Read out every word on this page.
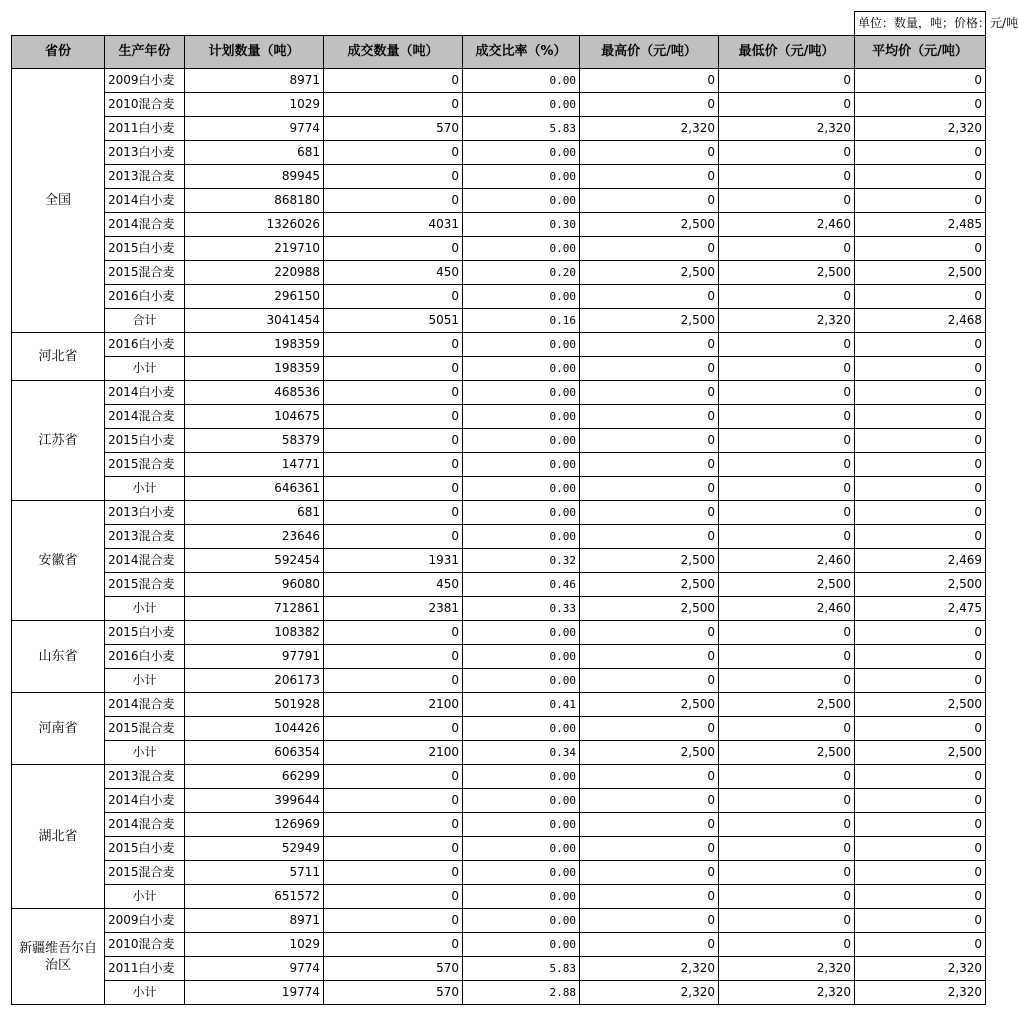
							单位：数量，吨；价格：元/吨
省份	生产年份	计划数量（吨）	成交数量（吨）	成交比率（%）	最高价（元/吨）	最低价（元/吨）	平均价（元/吨）
全国	2009白小麦	8971	0	0.00	0	0	0
	2010混合麦	1029	0	0.00	0	0	0
	2011白小麦	9774	570	5.83	2,320	2,320	2,320
	2013白小麦	681	0	0.00	0	0	0
	2013混合麦	89945	0	0.00	0	0	0
	2014白小麦	868180	0	0.00	0	0	0
	2014混合麦	1326026	4031	0.30	2,500	2,460	2,485
	2015白小麦	219710	0	0.00	0	0	0
	2015混合麦	220988	450	0.20	2,500	2,500	2,500
	2016白小麦	296150	0	0.00	0	0	0
	合计	3041454	5051	0.16	2,500	2,320	2,468
河北省	2016白小麦	198359	0	0.00	0	0	0
	小计	198359	0	0.00	0	0	0
江苏省	2014白小麦	468536	0	0.00	0	0	0
	2014混合麦	104675	0	0.00	0	0	0
	2015白小麦	58379	0	0.00	0	0	0
	2015混合麦	14771	0	0.00	0	0	0
	小计	646361	0	0.00	0	0	0
安徽省	2013白小麦	681	0	0.00	0	0	0
	2013混合麦	23646	0	0.00	0	0	0
	2014混合麦	592454	1931	0.32	2,500	2,460	2,469
	2015混合麦	96080	450	0.46	2,500	2,500	2,500
	小计	712861	2381	0.33	2,500	2,460	2,475
山东省	2015白小麦	108382	0	0.00	0	0	0
	2016白小麦	97791	0	0.00	0	0	0
	小计	206173	0	0.00	0	0	0
河南省	2014混合麦	501928	2100	0.41	2,500	2,500	2,500
	2015混合麦	104426	0	0.00	0	0	0
	小计	606354	2100	0.34	2,500	2,500	2,500
湖北省	2013混合麦	66299	0	0.00	0	0	0
	2014白小麦	399644	0	0.00	0	0	0
	2014混合麦	126969	0	0.00	0	0	0
	2015白小麦	52949	0	0.00	0	0	0
	2015混合麦	5711	0	0.00	0	0	0
	小计	651572	0	0.00	0	0	0
新疆维吾尔自治区	2009白小麦	8971	0	0.00	0	0	0
	2010混合麦	1029	0	0.00	0	0	0
	2011白小麦	9774	570	5.83	2,320	2,320	2,320
	小计	19774	570	2.88	2,320	2,320	2,320
